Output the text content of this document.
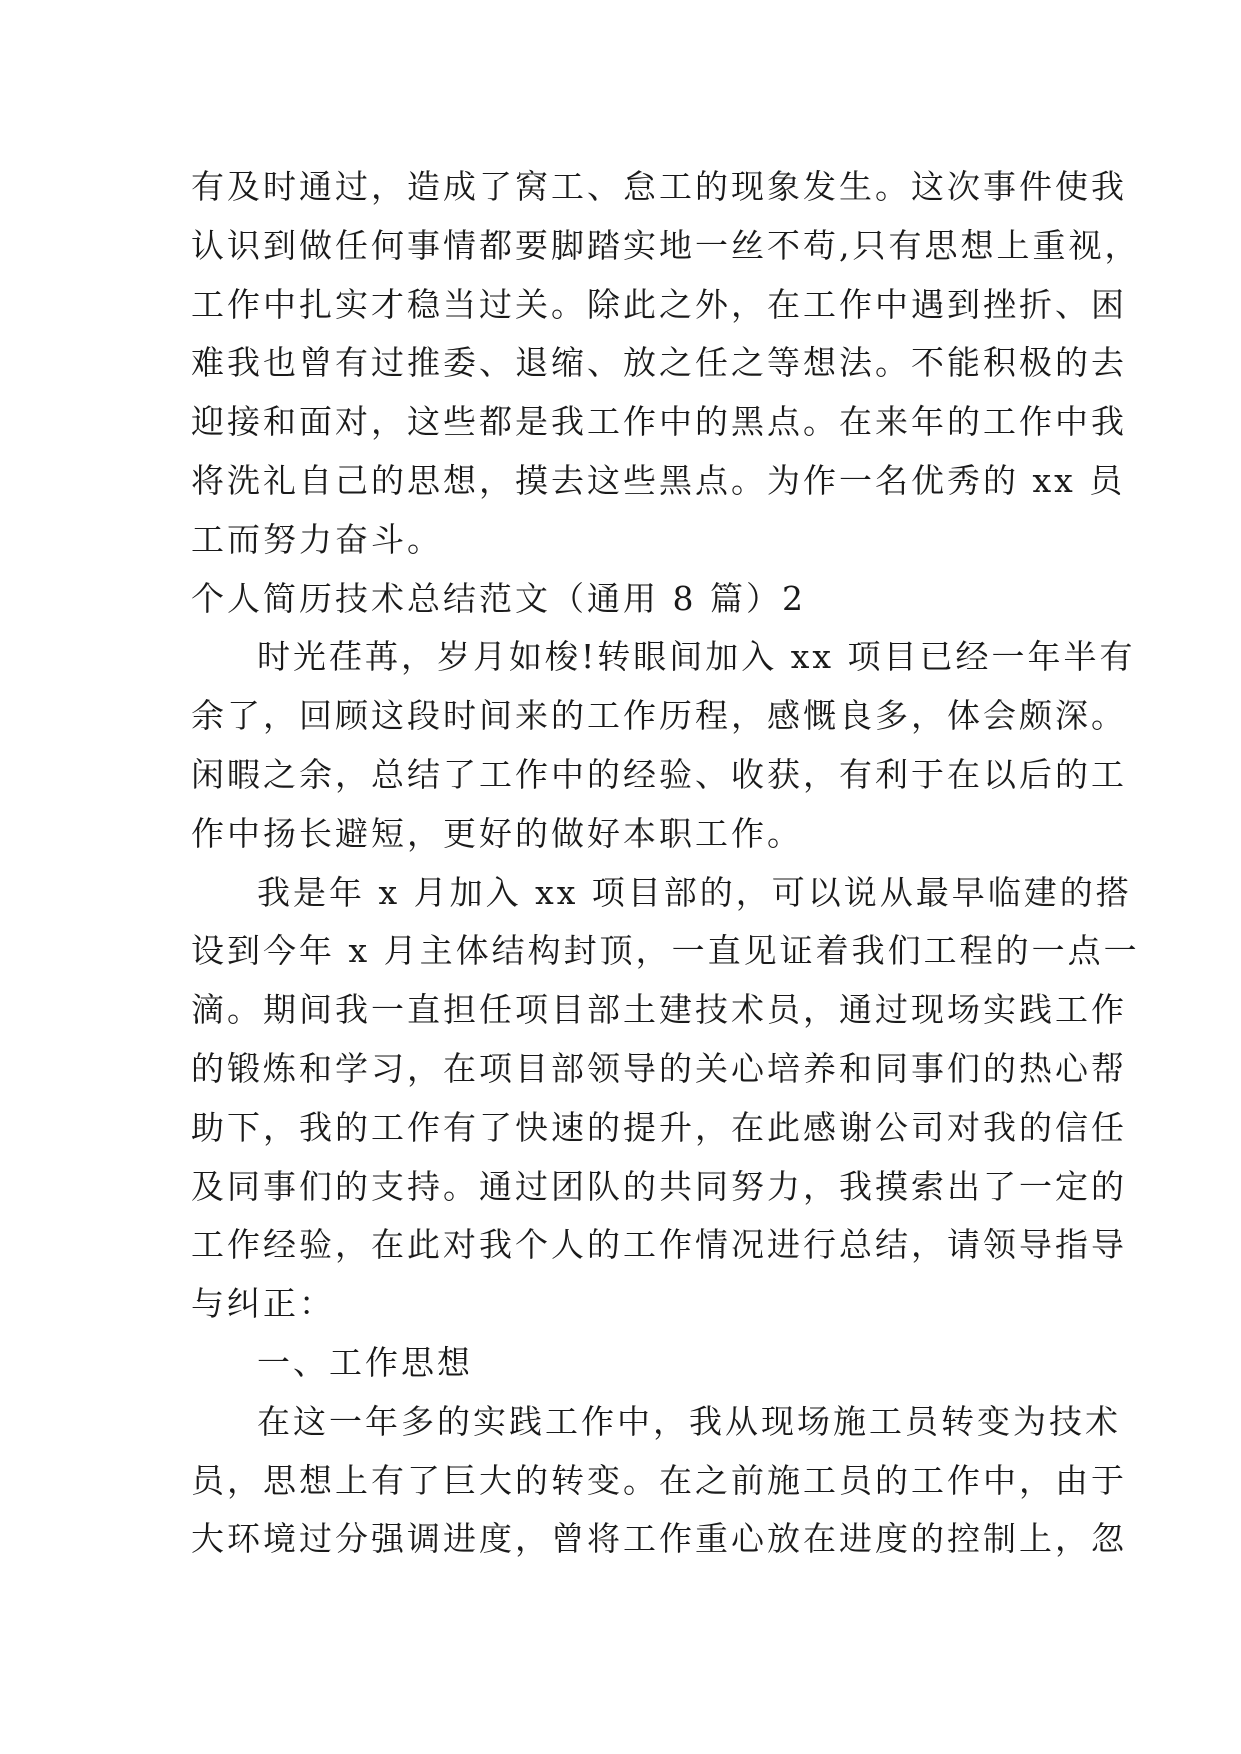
有及时通过，造成了窝工、怠工的现象发生。这次事件使我
认识到做任何事情都要脚踏实地一丝不苟,只有思想上重视，
工作中扎实才稳当过关。除此之外，在工作中遇到挫折、困
难我也曾有过推委、退缩、放之任之等想法。不能积极的去
迎接和面对，这些都是我工作中的黑点。在来年的工作中我
将洗礼自己的思想，摸去这些黑点。为作一名优秀的 xx 员
工而努力奋斗。
个人简历技术总结范文（通用 8 篇）2
时光荏苒，岁月如梭!转眼间加入 xx 项目已经一年半有
余了，回顾这段时间来的工作历程，感慨良多，体会颇深。
闲暇之余，总结了工作中的经验、收获，有利于在以后的工
作中扬长避短，更好的做好本职工作。
我是年 x 月加入 xx 项目部的，可以说从最早临建的搭
设到今年 x 月主体结构封顶，一直见证着我们工程的一点一
滴。期间我一直担任项目部土建技术员，通过现场实践工作
的锻炼和学习，在项目部领导的关心培养和同事们的热心帮
助下，我的工作有了快速的提升，在此感谢公司对我的信任
及同事们的支持。通过团队的共同努力，我摸索出了一定的
工作经验，在此对我个人的工作情况进行总结，请领导指导
与纠正：
一、工作思想
在这一年多的实践工作中，我从现场施工员转变为技术
员，思想上有了巨大的转变。在之前施工员的工作中，由于
大环境过分强调进度，曾将工作重心放在进度的控制上，忽
